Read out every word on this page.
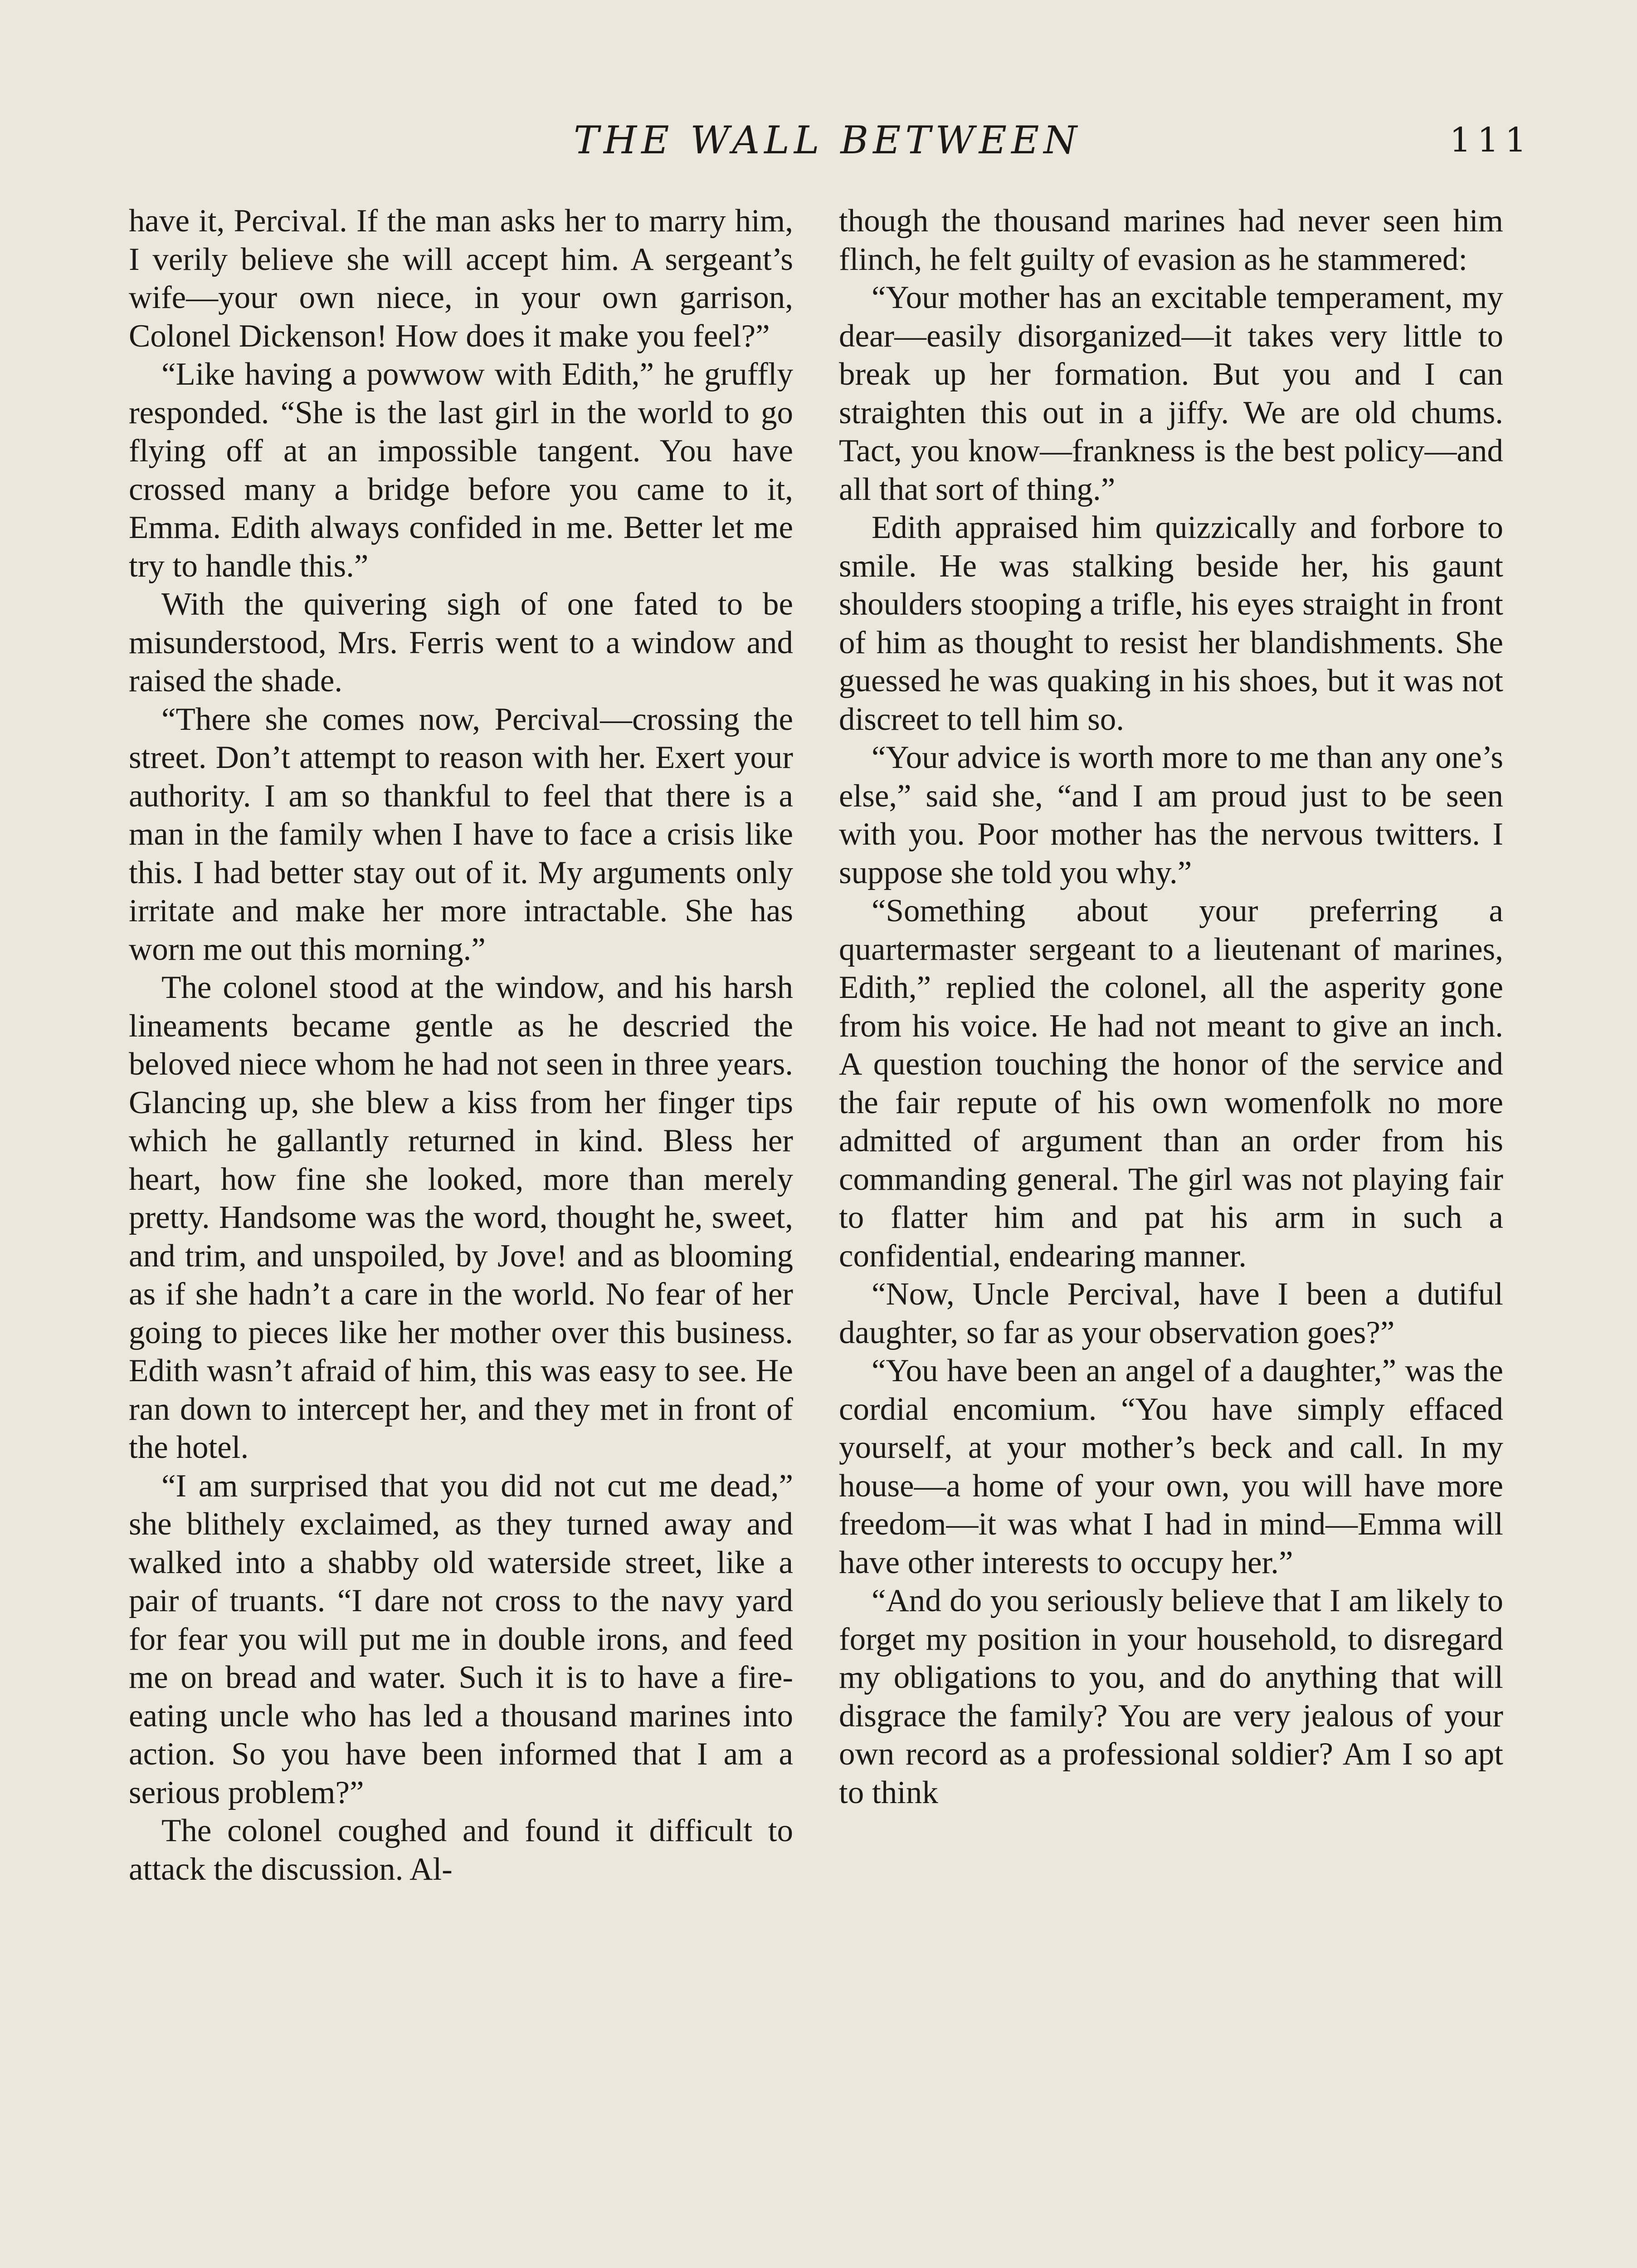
THE WALL BETWEEN	111

have it, Percival. If the man asks her to marry him, I verily believe she will accept him. A sergeant’s wife—your own niece, in your own garrison, Colonel Dickenson! How does it make you feel?”

“Like having a powwow with Edith,” he gruffly responded. “She is the last girl in the world to go flying off at an impossible tangent. You have crossed many a bridge before you came to it, Emma. Edith always confided in me. Better let me try to handle this.”

With the quivering sigh of one fated to be misunderstood, Mrs. Ferris went to a window and raised the shade.

“There she comes now, Percival—crossing the street. Don’t attempt to reason with her. Exert your authority. I am so thankful to feel that there is a man in the family when I have to face a crisis like this. I had better stay out of it. My arguments only irritate and make her more intractable. She has worn me out this morning.”

The colonel stood at the window, and his harsh lineaments became gentle as he descried the beloved niece whom he had not seen in three years. Glancing up, she blew a kiss from her finger tips which he gallantly returned in kind. Bless her heart, how fine she looked, more than merely pretty. Handsome was the word, thought he, sweet, and trim, and unspoiled, by Jove! and as blooming as if she hadn’t a care in the world. No fear of her going to pieces like her mother over this business. Edith wasn’t afraid of him, this was easy to see. He ran down to intercept her, and they met in front of the hotel.

“I am surprised that you did not cut me dead,” she blithely exclaimed, as they turned away and walked into a shabby old waterside street, like a pair of truants. “I dare not cross to the navy yard for fear you will put me in double irons, and feed me on bread and water. Such it is to have a fire-eating uncle who has led a thousand marines into action. So you have been informed that I am a serious problem?”

The colonel coughed and found it difficult to attack the discussion. Al-

though the thousand marines had never seen him flinch, he felt guilty of evasion as he stammered:

“Your mother has an excitable temperament, my dear—easily disorganized—it takes very little to break up her formation. But you and I can straighten this out in a jiffy. We are old chums. Tact, you know—frankness is the best policy—and all that sort of thing.”

Edith appraised him quizzically and forbore to smile. He was stalking beside her, his gaunt shoulders stooping a trifle, his eyes straight in front of him as thought to resist her blandishments. She guessed he was quaking in his shoes, but it was not discreet to tell him so.

“Your advice is worth more to me than any one’s else,” said she, “and I am proud just to be seen with you. Poor mother has the nervous twitters. I suppose she told you why.”

“Something about your preferring a quartermaster sergeant to a lieutenant of marines, Edith,” replied the colonel, all the asperity gone from his voice. He had not meant to give an inch. A question touching the honor of the service and the fair repute of his own womenfolk no more admitted of argument than an order from his commanding general. The girl was not playing fair to flatter him and pat his arm in such a confidential, endearing manner.

“Now, Uncle Percival, have I been a dutiful daughter, so far as your observation goes?”

“You have been an angel of a daughter,” was the cordial encomium. “You have simply effaced yourself, at your mother’s beck and call. In my house—a home of your own, you will have more freedom—it was what I had in mind—Emma will have other interests to occupy her.”

“And do you seriously believe that I am likely to forget my position in your household, to disregard my obligations to you, and do anything that will disgrace the family? You are very jealous of your own record as a professional soldier? Am I so apt to think
